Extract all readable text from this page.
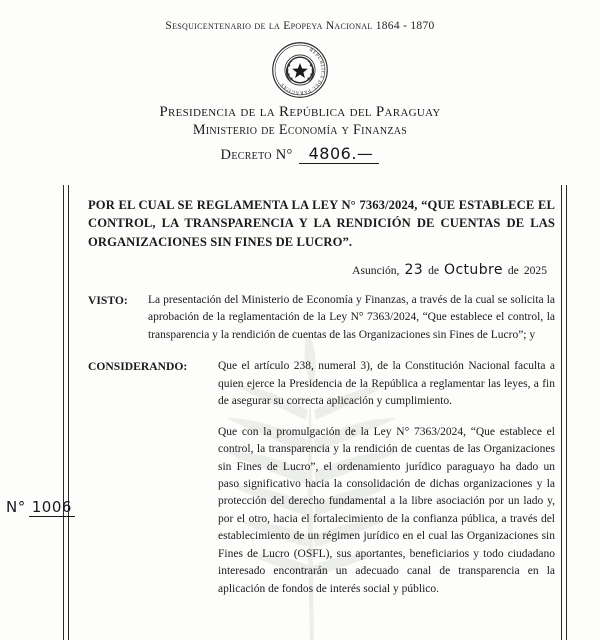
Sesquicentenario de la Epopeya Nacional 1864 - 1870
REPÚBLICA DEL PARAGUAY
Presidencia de la República del Paraguay
Ministerio de Economía y Finanzas
Decreto N°	4806.—
POR EL CUAL SE REGLAMENTA LA LEY N° 7363/2024, “QUE ESTABLECE EL CONTROL, LA TRANSPARENCIA Y LA RENDICIÓN DE CUENTAS DE LAS ORGANIZACIONES SIN FINES DE LUCRO”.
Asunción, 23 de Octubre de 2025
VISTO:	La presentación del Ministerio de Economía y Finanzas, a través de la cual se solicita la aprobación de la reglamentación de la Ley N° 7363/2024, “Que establece el control, la transparencia y la rendición de cuentas de las Organizaciones sin Fines de Lucro”; y
CONSIDERANDO:	Que el artículo 238, numeral 3), de la Constitución Nacional faculta a quien ejerce la Presidencia de la República a reglamentar las leyes, a fin de asegurar su correcta aplicación y cumplimiento.

Que con la promulgación de la Ley N° 7363/2024, “Que establece el control, la transparencia y la rendición de cuentas de las Organizaciones sin Fines de Lucro”, el ordenamiento jurídico paraguayo ha dado un paso significativo hacia la consolidación de dichas organizaciones y la protección del derecho fundamental a la libre asociación por un lado y, por el otro, hacia el fortalecimiento de la confianza pública, a través del establecimiento de un régimen jurídico en el cual las Organizaciones sin Fines de Lucro (OSFL), sus aportantes, beneficiarios y todo ciudadano interesado encontrarán un adecuado canal de transparencia en la aplicación de fondos de interés social y público.

N° 1006
